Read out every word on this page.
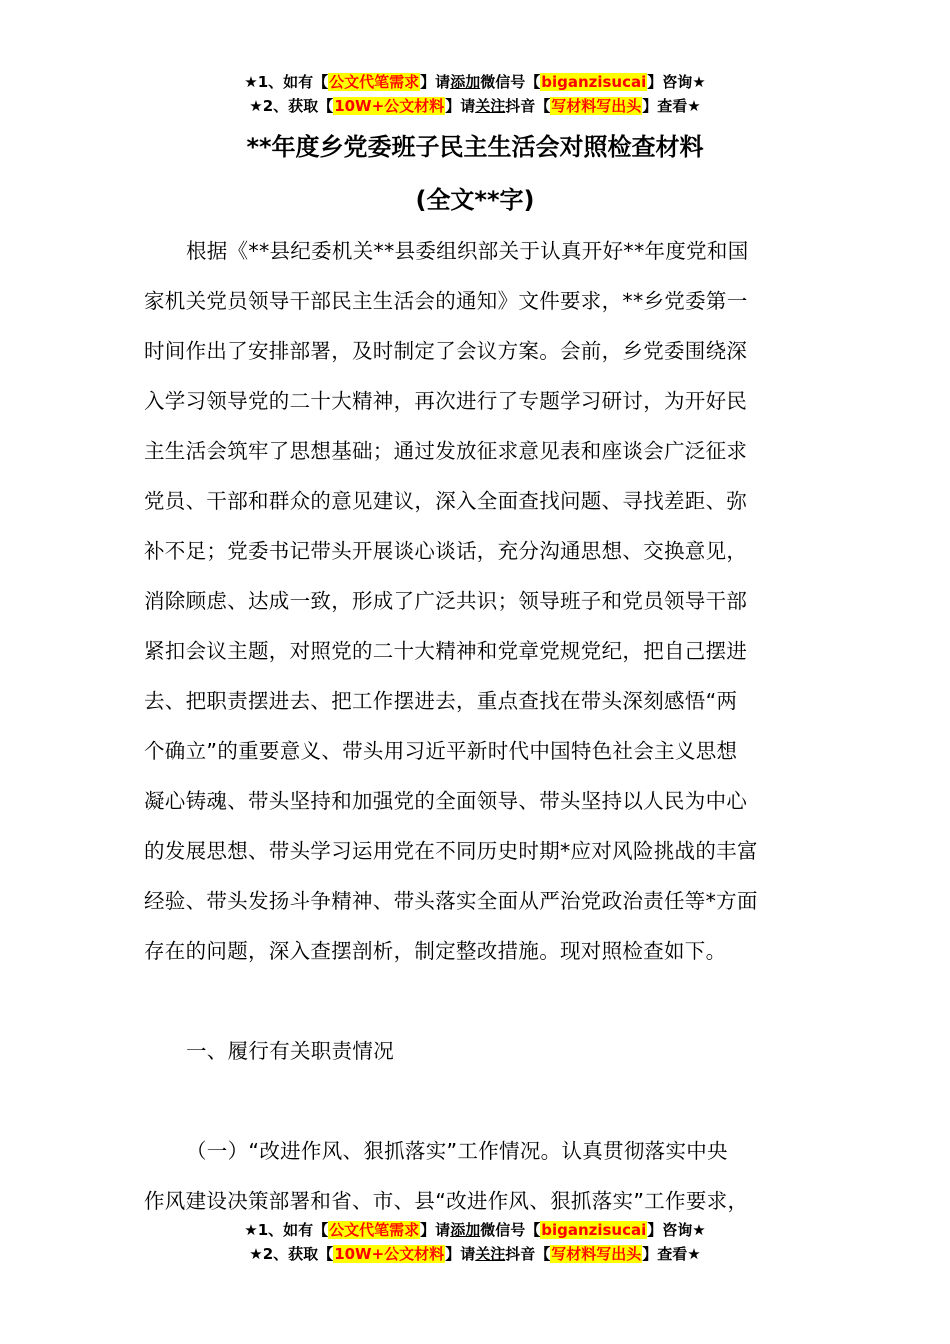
★1、如有【公文代笔需求】请添加微信号【biganzisucai】咨询★
★2、获取【10W+公文材料】请关注抖音【写材料写出头】查看★
**年度乡党委班子民主生活会对照检查材料
(全文**字)
根据《**县纪委机关**县委组织部关于认真开好**年度党和国
家机关党员领导干部民主生活会的通知》文件要求，**乡党委第一
时间作出了安排部署，及时制定了会议方案。会前，乡党委围绕深
入学习领导党的二十大精神，再次进行了专题学习研讨，为开好民
主生活会筑牢了思想基础；通过发放征求意见表和座谈会广泛征求
党员、干部和群众的意见建议，深入全面查找问题、寻找差距、弥
补不足；党委书记带头开展谈心谈话，充分沟通思想、交换意见，
消除顾虑、达成一致，形成了广泛共识；领导班子和党员领导干部
紧扣会议主题，对照党的二十大精神和党章党规党纪，把自己摆进
去、把职责摆进去、把工作摆进去，重点查找在带头深刻感悟“两
个确立”的重要意义、带头用习近平新时代中国特色社会主义思想
凝心铸魂、带头坚持和加强党的全面领导、带头坚持以人民为中心
的发展思想、带头学习运用党在不同历史时期*应对风险挑战的丰富
经验、带头发扬斗争精神、带头落实全面从严治党政治责任等*方面
存在的问题，深入查摆剖析，制定整改措施。现对照检查如下。
一、履行有关职责情况
（一）“改进作风、狠抓落实”工作情况。认真贯彻落实中央
作风建设决策部署和省、市、县“改进作风、狠抓落实”工作要求，
★1、如有【公文代笔需求】请添加微信号【biganzisucai】咨询★
★2、获取【10W+公文材料】请关注抖音【写材料写出头】查看★
